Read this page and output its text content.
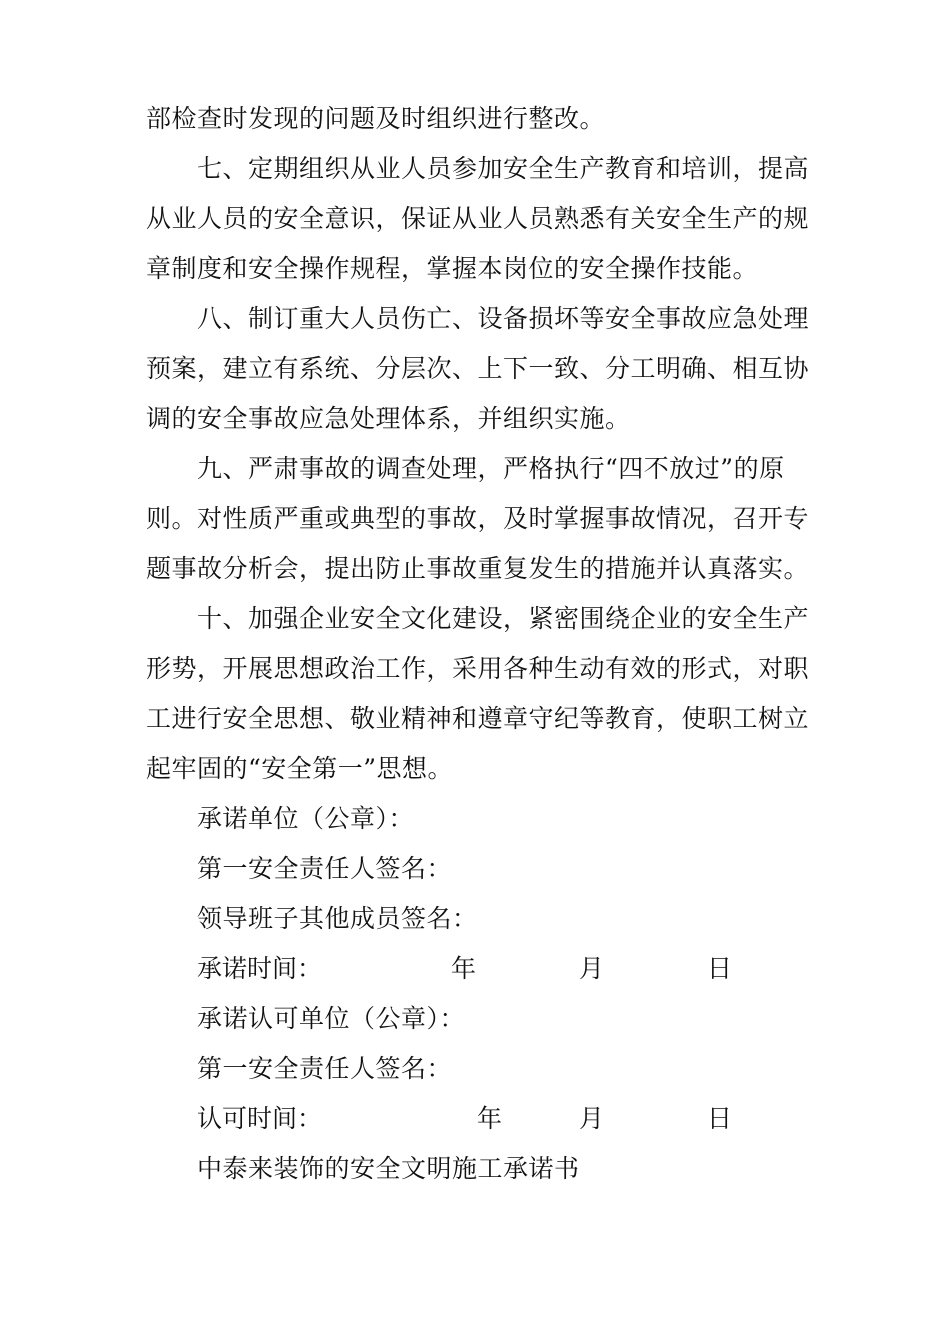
部检查时发现的问题及时组织进行整改。
七、定期组织从业人员参加安全生产教育和培训，提高
从业人员的安全意识，保证从业人员熟悉有关安全生产的规
章制度和安全操作规程，掌握本岗位的安全操作技能。
八、制订重大人员伤亡、设备损坏等安全事故应急处理
预案，建立有系统、分层次、上下一致、分工明确、相互协
调的安全事故应急处理体系，并组织实施。
九、严肃事故的调查处理，严格执行“四不放过”的原
则。对性质严重或典型的事故，及时掌握事故情况，召开专
题事故分析会，提出防止事故重复发生的措施并认真落实。
十、加强企业安全文化建设，紧密围绕企业的安全生产
形势，开展思想政治工作，采用各种生动有效的形式，对职
工进行安全思想、敬业精神和遵章守纪等教育，使职工树立
起牢固的“安全第一”思想。
承诺单位（公章）：
第一安全责任人签名：
领导班子其他成员签名：
承诺时间：	年	月	日
承诺认可单位（公章）：
第一安全责任人签名：
认可时间：	年	月	日
中泰来装饰的安全文明施工承诺书
